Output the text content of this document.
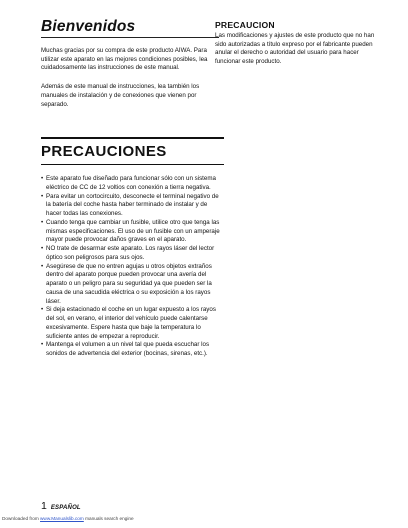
Bienvenidos

Muchas gracias por su compra de este producto AIWA. Para utilizar este aparato en las mejores condiciones posibles, lea cuidadosamente las instrucciones de este manual.

Además de este manual de instrucciones, lea también los manuales de instalación y de conexiones que vienen por separado.

PRECAUCIONES
• Este aparato fue diseñado para funcionar sólo con un sistema eléctrico de CC de 12 voltios con conexión a tierra negativa.
• Para evitar un cortocircuito, desconecte el terminal negativo de la batería del coche hasta haber terminado de instalar y de hacer todas las conexiones.
• Cuando tenga que cambiar un fusible, utilice otro que tenga las mismas especificaciones. El uso de un fusible con un amperaje mayor puede provocar daños graves en el aparato.
• NO trate de desarmar este aparato. Los rayos láser del lector óptico son peligrosos para sus ojos.
• Asegúrese de que no entren agujas u otros objetos extraños dentro del aparato porque pueden provocar una avería del aparato o un peligro para su seguridad ya que pueden ser la causa de una sacudida eléctrica o su exposición a los rayos láser.
• Si deja estacionado el coche en un lugar expuesto a los rayos del sol, en verano, el interior del vehículo puede calentarse excesivamente. Espere hasta que baje la temperatura lo suficiente antes de empezar a reproducir.
• Mantenga el volumen a un nivel tal que pueda escuchar los sonidos de advertencia del exterior (bocinas, sirenas, etc.).
PRECAUCION

Las modificaciones y ajustes de este producto que no han sido autorizadas a título expreso por el fabricante pueden anular el derecho o autoridad del usuario para hacer funcionar este producto.

1 ESPAÑOL
Downloaded from www.Manualslib.com manuals search engine
